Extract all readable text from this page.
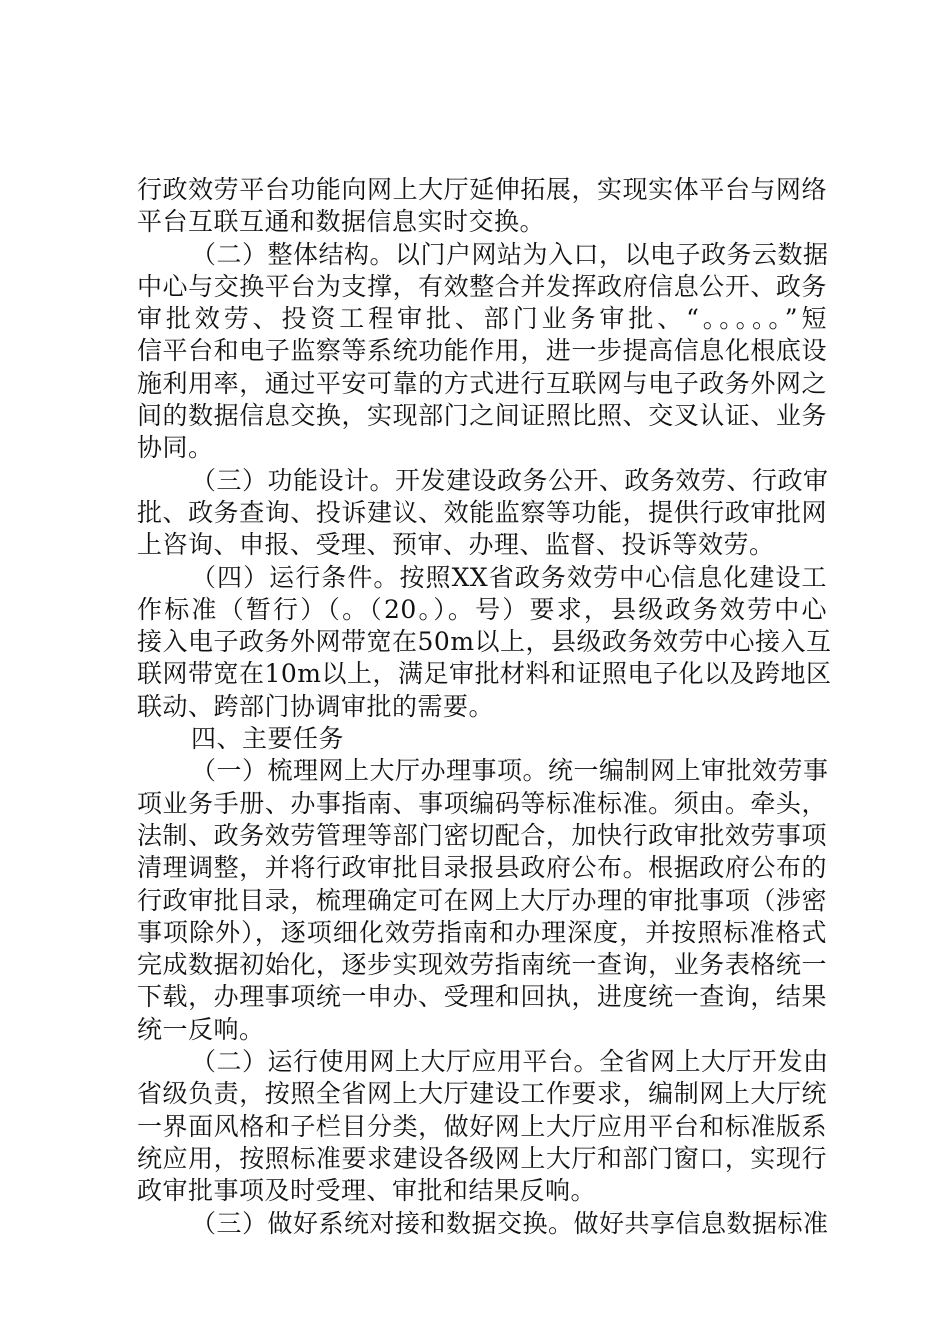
行政效劳平台功能向网上大厅延伸拓展，实现实体平台与网络
平台互联互通和数据信息实时交换。
（二）整体结构。以门户网站为入口，以电子政务云数据
中心与交换平台为支撑，有效整合并发挥政府信息公开、政务
审批效劳、投资工程审批、部门业务审批、“。。。。。”短
信平台和电子监察等系统功能作用，进一步提高信息化根底设
施利用率，通过平安可靠的方式进行互联网与电子政务外网之
间的数据信息交换，实现部门之间证照比照、交叉认证、业务
协同。
（三）功能设计。开发建设政务公开、政务效劳、行政审
批、政务查询、投诉建议、效能监察等功能，提供行政审批网
上咨询、申报、受理、预审、办理、监督、投诉等效劳。
（四）运行条件。按照XX省政务效劳中心信息化建设工
作标准（暂行）（。（20。）。号）要求，县级政务效劳中心
接入电子政务外网带宽在50m以上，县级政务效劳中心接入互
联网带宽在10m以上，满足审批材料和证照电子化以及跨地区
联动、跨部门协调审批的需要。
四、主要任务
（一）梳理网上大厅办理事项。统一编制网上审批效劳事
项业务手册、办事指南、事项编码等标准标准。须由。牵头，
法制、政务效劳管理等部门密切配合，加快行政审批效劳事项
清理调整，并将行政审批目录报县政府公布。根据政府公布的
行政审批目录，梳理确定可在网上大厅办理的审批事项（涉密
事项除外），逐项细化效劳指南和办理深度，并按照标准格式
完成数据初始化，逐步实现效劳指南统一查询，业务表格统一
下载，办理事项统一申办、受理和回执，进度统一查询，结果
统一反响。
（二）运行使用网上大厅应用平台。全省网上大厅开发由
省级负责，按照全省网上大厅建设工作要求，编制网上大厅统
一界面风格和子栏目分类，做好网上大厅应用平台和标准版系
统应用，按照标准要求建设各级网上大厅和部门窗口，实现行
政审批事项及时受理、审批和结果反响。
（三）做好系统对接和数据交换。做好共享信息数据标准
